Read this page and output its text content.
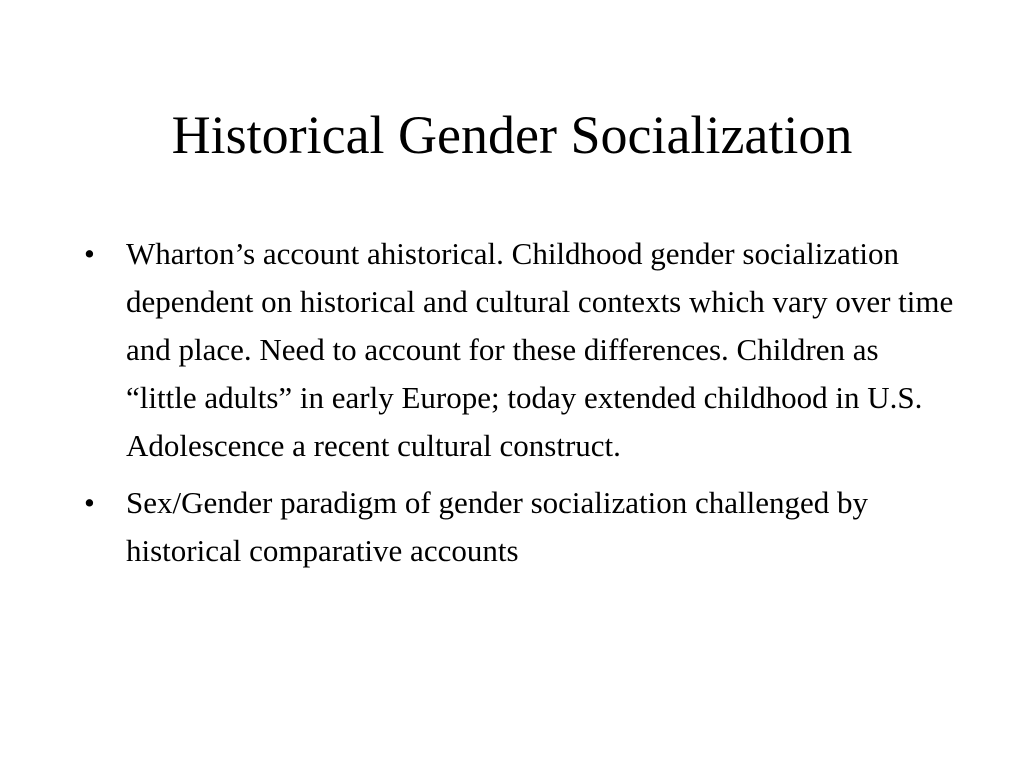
Historical Gender Socialization
•	Wharton’s account ahistorical. Childhood gender socialization dependent on historical and cultural contexts which vary over time and place. Need to account for these differences. Children as “little adults” in early Europe; today extended childhood in U.S. Adolescence a recent cultural construct.
•	Sex/Gender paradigm of gender socialization challenged by historical comparative accounts
